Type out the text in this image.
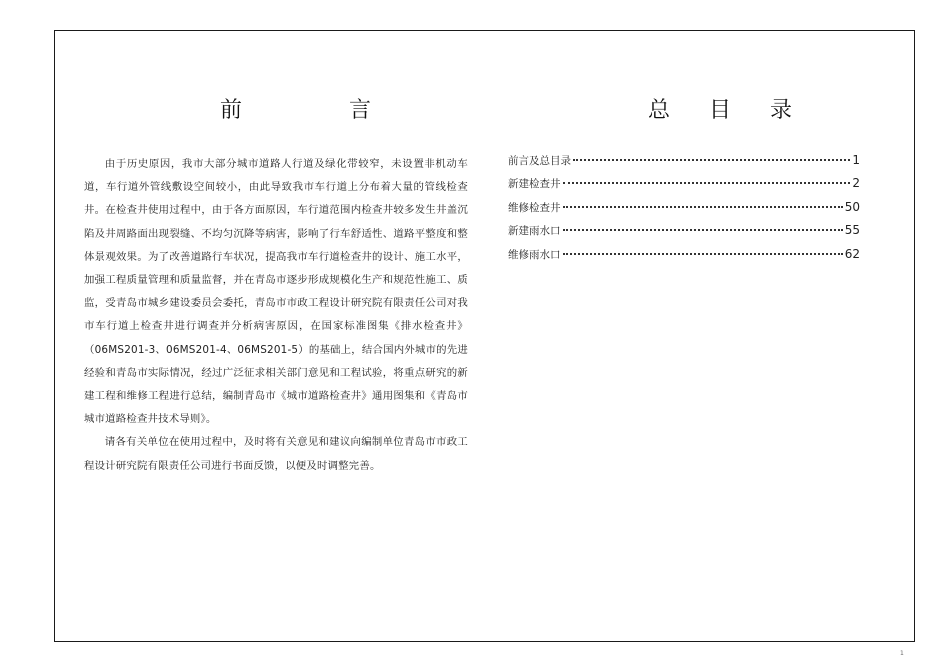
前 言	总 目 录

由于历史原因，我市大部分城市道路人行道及绿化带较窄，未设置非机动车道，车行道外管线敷设空间较小，由此导致我市车行道上分布着大量的管线检查井。在检查井使用过程中，由于各方面原因，车行道范围内检查井较多发生井盖沉陷及井周路面出现裂缝、不均匀沉降等病害，影响了行车舒适性、道路平整度和整体景观效果。为了改善道路行车状况，提高我市车行道检查井的设计、施工水平，加强工程质量管理和质量监督，并在青岛市逐步形成规模化生产和规范性施工、质监，受青岛市城乡建设委员会委托，青岛市市政工程设计研究院有限责任公司对我市车行道上检查井进行调查并分析病害原因，在国家标准图集《排水检查井》（06MS201-3、06MS201-4、06MS201-5）的基础上，结合国内外城市的先进经验和青岛市实际情况，经过广泛征求相关部门意见和工程试验，将重点研究的新建工程和维修工程进行总结，编制青岛市《城市道路检查井》通用图集和《青岛市城市道路检查井技术导则》。

请各有关单位在使用过程中，及时将有关意见和建议向编制单位青岛市市政工程设计研究院有限责任公司进行书面反馈，以便及时调整完善。

前言及总目录	1
新建检查井	2
维修检查井	50
新建雨水口	55
维修雨水口	62
1
